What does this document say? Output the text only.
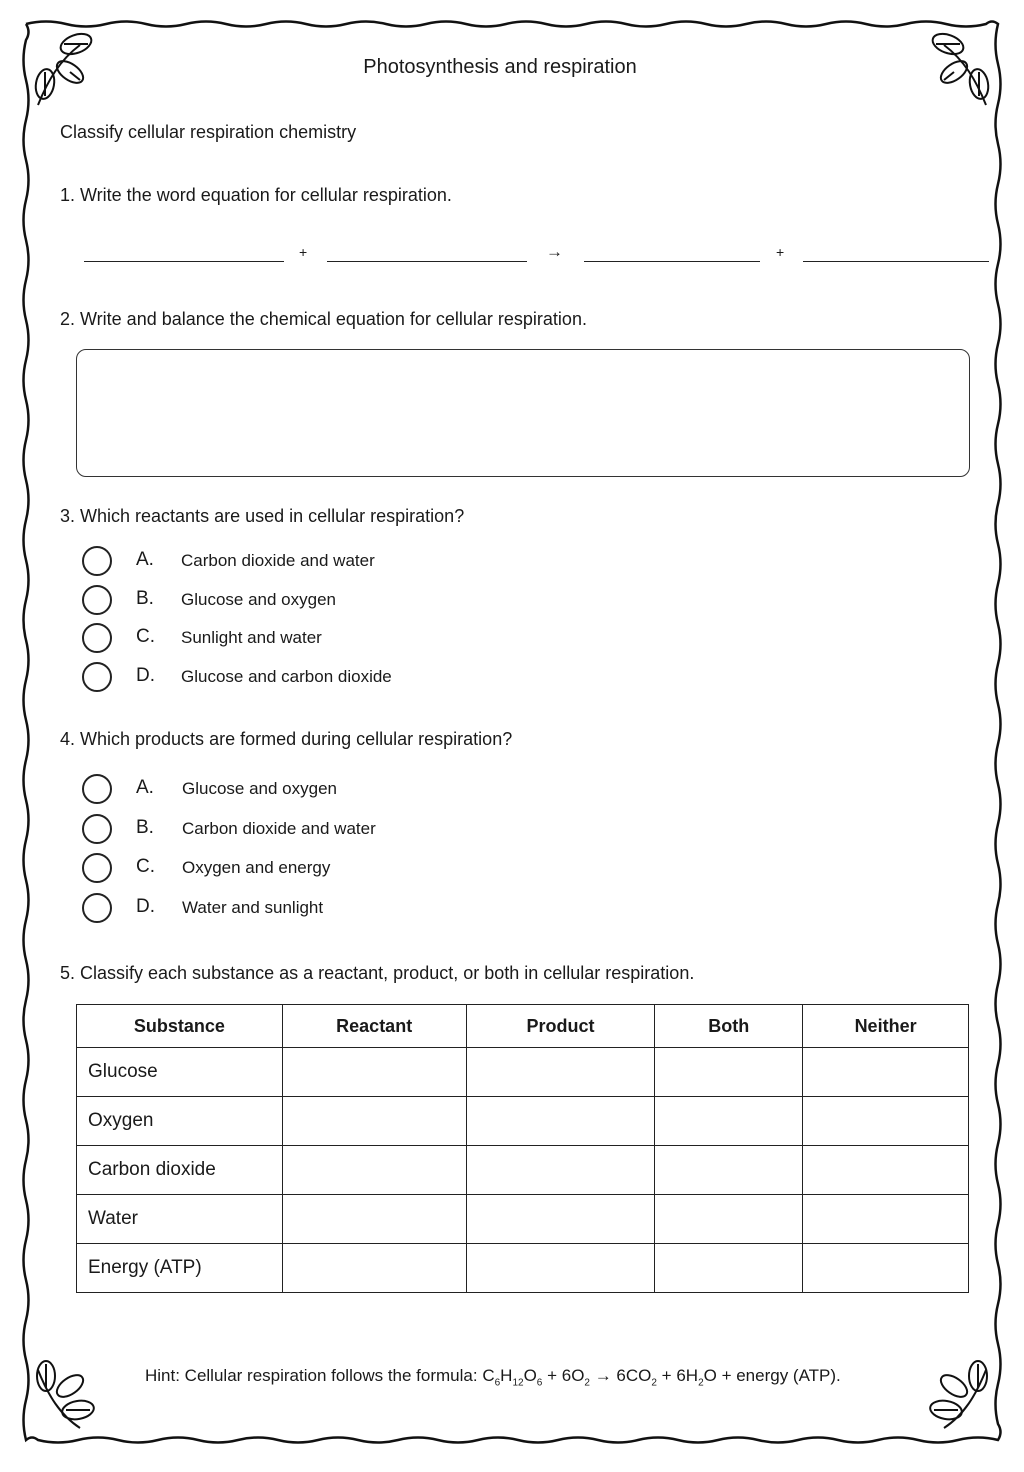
Photosynthesis and respiration
Classify cellular respiration chemistry
1. Write the word equation for cellular respiration.
+	→	+
2. Write and balance the chemical equation for cellular respiration.
3. Which reactants are used in cellular respiration?
A. Carbon dioxide and water
B. Glucose and oxygen
C. Sunlight and water
D. Glucose and carbon dioxide
4. Which products are formed during cellular respiration?
A. Glucose and oxygen
B. Carbon dioxide and water
C. Oxygen and energy
D. Water and sunlight
5. Classify each substance as a reactant, product, or both in cellular respiration.
Substance	Reactant	Product	Both	Neither
Glucose				
Oxygen				
Carbon dioxide				
Water				
Energy (ATP)				
Hint: Cellular respiration follows the formula: $C_6H_{12}O_6 + 6O_2 \to 6CO_2 + 6H_2O$ + energy (ATP).
